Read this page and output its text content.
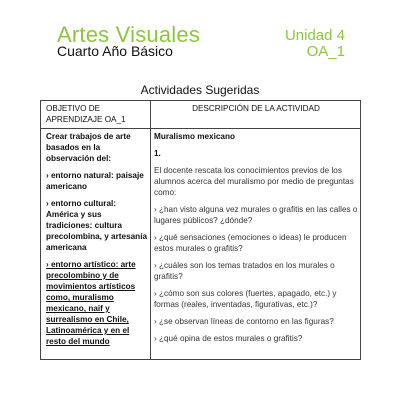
Artes Visuales	Unidad 4
Cuarto Año Básico	OA_1
Actividades Sugeridas
OBJETIVO DE APRENDIZAJE OA_1
DESCRIPCIÓN DE LA ACTIVIDAD

Crear trabajos de arte basados en la observación del:

› entorno natural: paisaje americano

› entorno cultural: América y sus tradiciones: cultura precolombina, y artesanía americana

› entorno artístico: arte precolombino y de movimientos artísticos como, muralismo mexicano, naif y surrealismo en Chile, Latinoamérica y en el resto del mundo

Muralismo mexicano

1.

El docente rescata los conocimientos previos de los alumnos acerca del muralismo por medio de preguntas como:

› ¿han visto alguna vez murales o grafitis en las calles o lugares públicos? ¿dónde?

› ¿qué sensaciones (emociones o ideas) le producen estos murales o grafitis?

› ¿cuáles son los temas tratados en los murales o grafitis?

› ¿cómo son sus colores (fuertes, apagado, etc.) y formas (reales, inventadas, figurativas, etc.)?

› ¿se observan líneas de contorno en las figuras?

› ¿qué opina de estos murales o grafitis?
